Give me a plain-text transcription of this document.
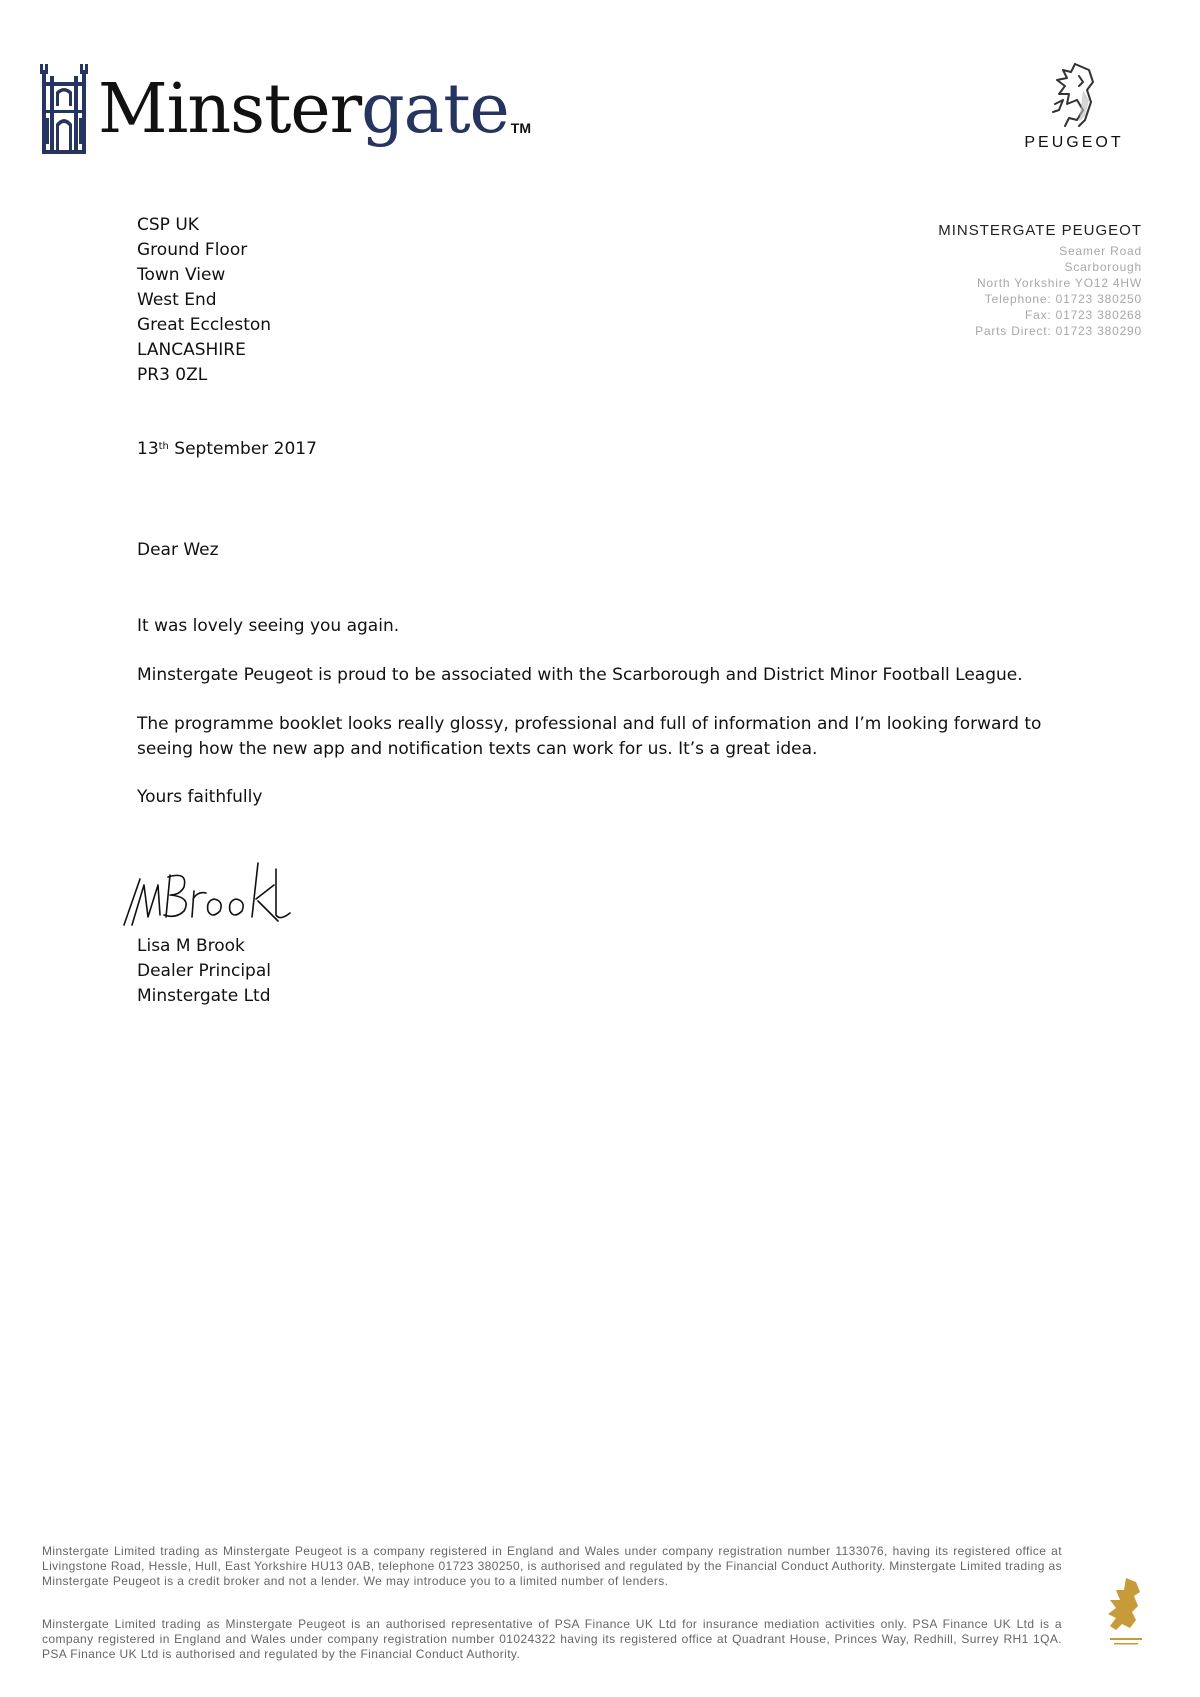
Minstergate ™
PEUGEOT
MINSTERGATE PEUGEOT
Seamer Road
Scarborough
North Yorkshire YO12 4HW
Telephone: 01723 380250
Fax: 01723 380268
Parts Direct: 01723 380290
CSP UK
Ground Floor
Town View
West End
Great Eccleston
LANCASHIRE
PR3 0ZL
13th September 2017
Dear Wez
It was lovely seeing you again.
Minstergate Peugeot is proud to be associated with the Scarborough and District Minor Football League.
The programme booklet looks really glossy, professional and full of information and I’m looking forward to seeing how the new app and notification texts can work for us. It’s a great idea.
Yours faithfully
Lisa M Brook
Dealer Principal
Minstergate Ltd
Minstergate Limited trading as Minstergate Peugeot is a company registered in England and Wales under company registration number 1133076, having its registered office at Livingstone Road, Hessle, Hull, East Yorkshire HU13 0AB, telephone 01723 380250, is authorised and regulated by the Financial Conduct Authority. Minstergate Limited trading as Minstergate Peugeot is a credit broker and not a lender. We may introduce you to a limited number of lenders.
Minstergate Limited trading as Minstergate Peugeot is an authorised representative of PSA Finance UK Ltd for insurance mediation activities only. PSA Finance UK Ltd is a company registered in England and Wales under company registration number 01024322 having its registered office at Quadrant House, Princes Way, Redhill, Surrey RH1 1QA. PSA Finance UK Ltd is authorised and regulated by the Financial Conduct Authority.
